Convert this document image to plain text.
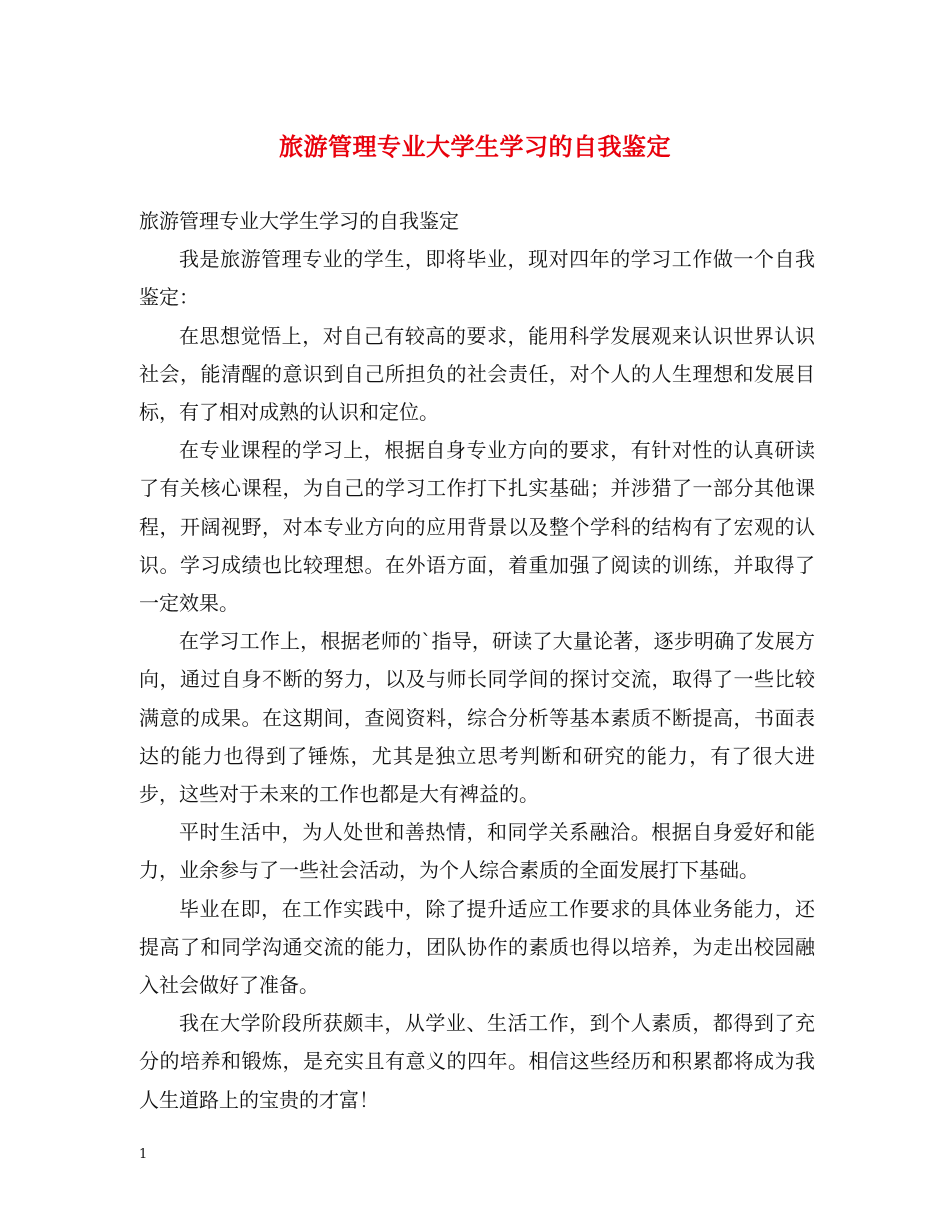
旅游管理专业大学生学习的自我鉴定

旅游管理专业大学生学习的自我鉴定

我是旅游管理专业的学生，即将毕业，现对四年的学习工作做一个自我鉴定：

在思想觉悟上，对自己有较高的要求，能用科学发展观来认识世界认识社会，能清醒的意识到自己所担负的社会责任，对个人的人生理想和发展目标，有了相对成熟的认识和定位。

在专业课程的学习上，根据自身专业方向的要求，有针对性的认真研读了有关核心课程，为自己的学习工作打下扎实基础；并涉猎了一部分其他课程，开阔视野，对本专业方向的应用背景以及整个学科的结构有了宏观的认识。学习成绩也比较理想。在外语方面，着重加强了阅读的训练，并取得了一定效果。

在学习工作上，根据老师的`指导，研读了大量论著，逐步明确了发展方向，通过自身不断的努力，以及与师长同学间的探讨交流，取得了一些比较满意的成果。在这期间，查阅资料，综合分析等基本素质不断提高，书面表达的能力也得到了锤炼，尤其是独立思考判断和研究的能力，有了很大进步，这些对于未来的工作也都是大有裨益的。

平时生活中，为人处世和善热情，和同学关系融洽。根据自身爱好和能力，业余参与了一些社会活动，为个人综合素质的全面发展打下基础。

毕业在即，在工作实践中，除了提升适应工作要求的具体业务能力，还提高了和同学沟通交流的能力，团队协作的素质也得以培养，为走出校园融入社会做好了准备。

我在大学阶段所获颇丰，从学业、生活工作，到个人素质，都得到了充分的培养和锻炼，是充实且有意义的四年。相信这些经历和积累都将成为我人生道路上的宝贵的才富！

1
